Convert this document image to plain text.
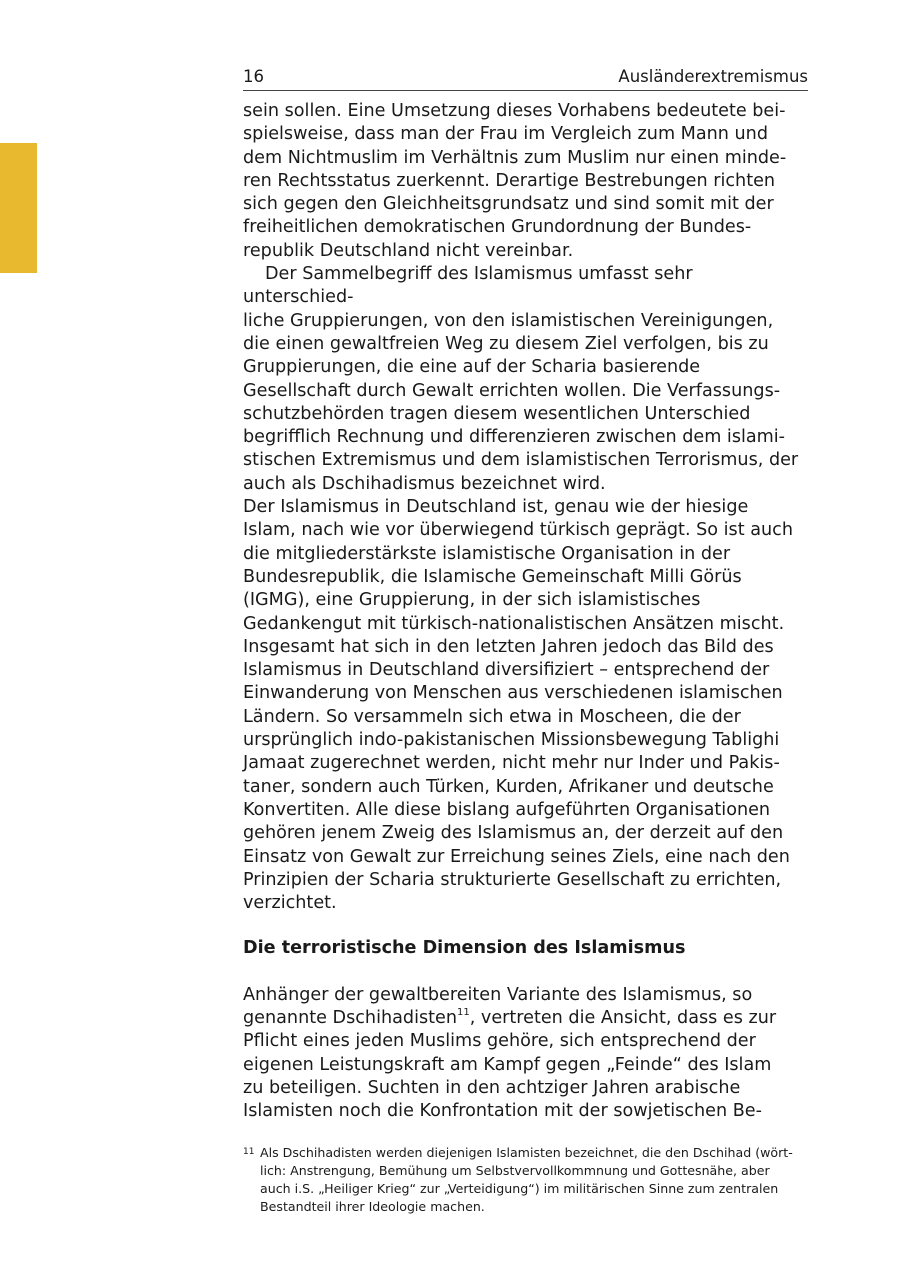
16	Ausländerextremismus

sein sollen. Eine Umsetzung dieses Vorhabens bedeutete bei-
spielsweise, dass man der Frau im Vergleich zum Mann und
dem Nichtmuslim im Verhältnis zum Muslim nur einen minde-
ren Rechtsstatus zuerkennt. Derartige Bestrebungen richten
sich gegen den Gleichheitsgrundsatz und sind somit mit der
freiheitlichen demokratischen Grundordnung der Bundes-
republik Deutschland nicht vereinbar.

Der Sammelbegriff des Islamismus umfasst sehr unterschied-
liche Gruppierungen, von den islamistischen Vereinigungen,
die einen gewaltfreien Weg zu diesem Ziel verfolgen, bis zu
Gruppierungen, die eine auf der Scharia basierende
Gesellschaft durch Gewalt errichten wollen. Die Verfassungs-
schutzbehörden tragen diesem wesentlichen Unterschied
begrifflich Rechnung und differenzieren zwischen dem islami-
stischen Extremismus und dem islamistischen Terrorismus, der
auch als Dschihadismus bezeichnet wird.

Der Islamismus in Deutschland ist, genau wie der hiesige
Islam, nach wie vor überwiegend türkisch geprägt. So ist auch
die mitgliederstärkste islamistische Organisation in der
Bundesrepublik, die Islamische Gemeinschaft Milli Görüs
(IGMG), eine Gruppierung, in der sich islamistisches
Gedankengut mit türkisch-nationalistischen Ansätzen mischt.
Insgesamt hat sich in den letzten Jahren jedoch das Bild des
Islamismus in Deutschland diversifiziert – entsprechend der
Einwanderung von Menschen aus verschiedenen islamischen
Ländern. So versammeln sich etwa in Moscheen, die der
ursprünglich indo-pakistanischen Missionsbewegung Tablighi
Jamaat zugerechnet werden, nicht mehr nur Inder und Pakis-
taner, sondern auch Türken, Kurden, Afrikaner und deutsche
Konvertiten. Alle diese bislang aufgeführten Organisationen
gehören jenem Zweig des Islamismus an, der derzeit auf den
Einsatz von Gewalt zur Erreichung seines Ziels, eine nach den
Prinzipien der Scharia strukturierte Gesellschaft zu errichten,
verzichtet.

Die terroristische Dimension des Islamismus

Anhänger der gewaltbereiten Variante des Islamismus, so
genannte Dschihadisten$^{11}$, vertreten die Ansicht, dass es zur
Pflicht eines jeden Muslims gehöre, sich entsprechend der
eigenen Leistungskraft am Kampf gegen „Feinde“ des Islam
zu beteiligen. Suchten in den achtziger Jahren arabische
Islamisten noch die Konfrontation mit der sowjetischen Be-

11 Als Dschihadisten werden diejenigen Islamisten bezeichnet, die den Dschihad (wört-
lich: Anstrengung, Bemühung um Selbstvervollkommnung und Gottesnähe, aber
auch i.S. „Heiliger Krieg“ zur „Verteidigung“) im militärischen Sinne zum zentralen
Bestandteil ihrer Ideologie machen.
